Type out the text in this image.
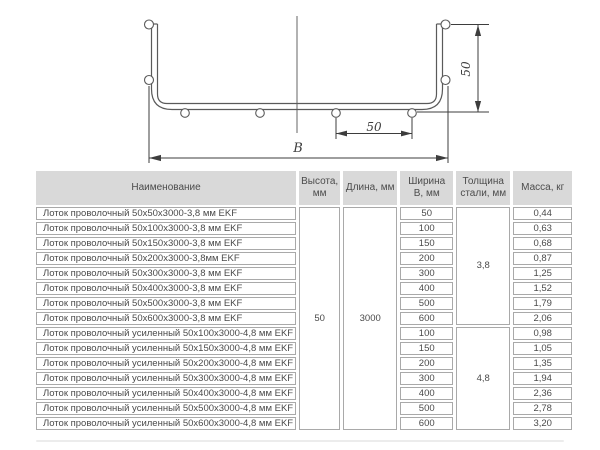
50
50
B
Наименование	Высота, мм	Длина, мм	Ширина В, мм	Толщина стали, мм	Масса, кг
Лоток проволочный 50x50x3000-3,8 мм EKF	50	3000	50	3,8	0,44
Лоток проволочный 50x100x3000-3,8 мм EKF			100		0,63
Лоток проволочный 50x150x3000-3,8 мм EKF			150		0,68
Лоток проволочный 50x200x3000-3,8мм EKF			200		0,87
Лоток проволочный 50x300x3000-3,8 мм EKF			300		1,25
Лоток проволочный 50x400x3000-3,8 мм EKF			400		1,52
Лоток проволочный 50x500x3000-3,8 мм EKF			500		1,79
Лоток проволочный 50x600x3000-3,8 мм EKF			600		2,06
Лоток проволочный усиленный 50x100x3000-4,8 мм EKF			100	4,8	0,98
Лоток проволочный усиленный 50x150x3000-4,8 мм EKF			150		1,05
Лоток проволочный усиленный 50x200x3000-4,8 мм EKF			200		1,35
Лоток проволочный усиленный 50x300x3000-4,8 мм EKF			300		1,94
Лоток проволочный усиленный 50x400x3000-4,8 мм EKF			400		2,36
Лоток проволочный усиленный 50x500x3000-4,8 мм EKF			500		2,78
Лоток проволочный усиленный 50x600x3000-4,8 мм EKF			600		3,20
